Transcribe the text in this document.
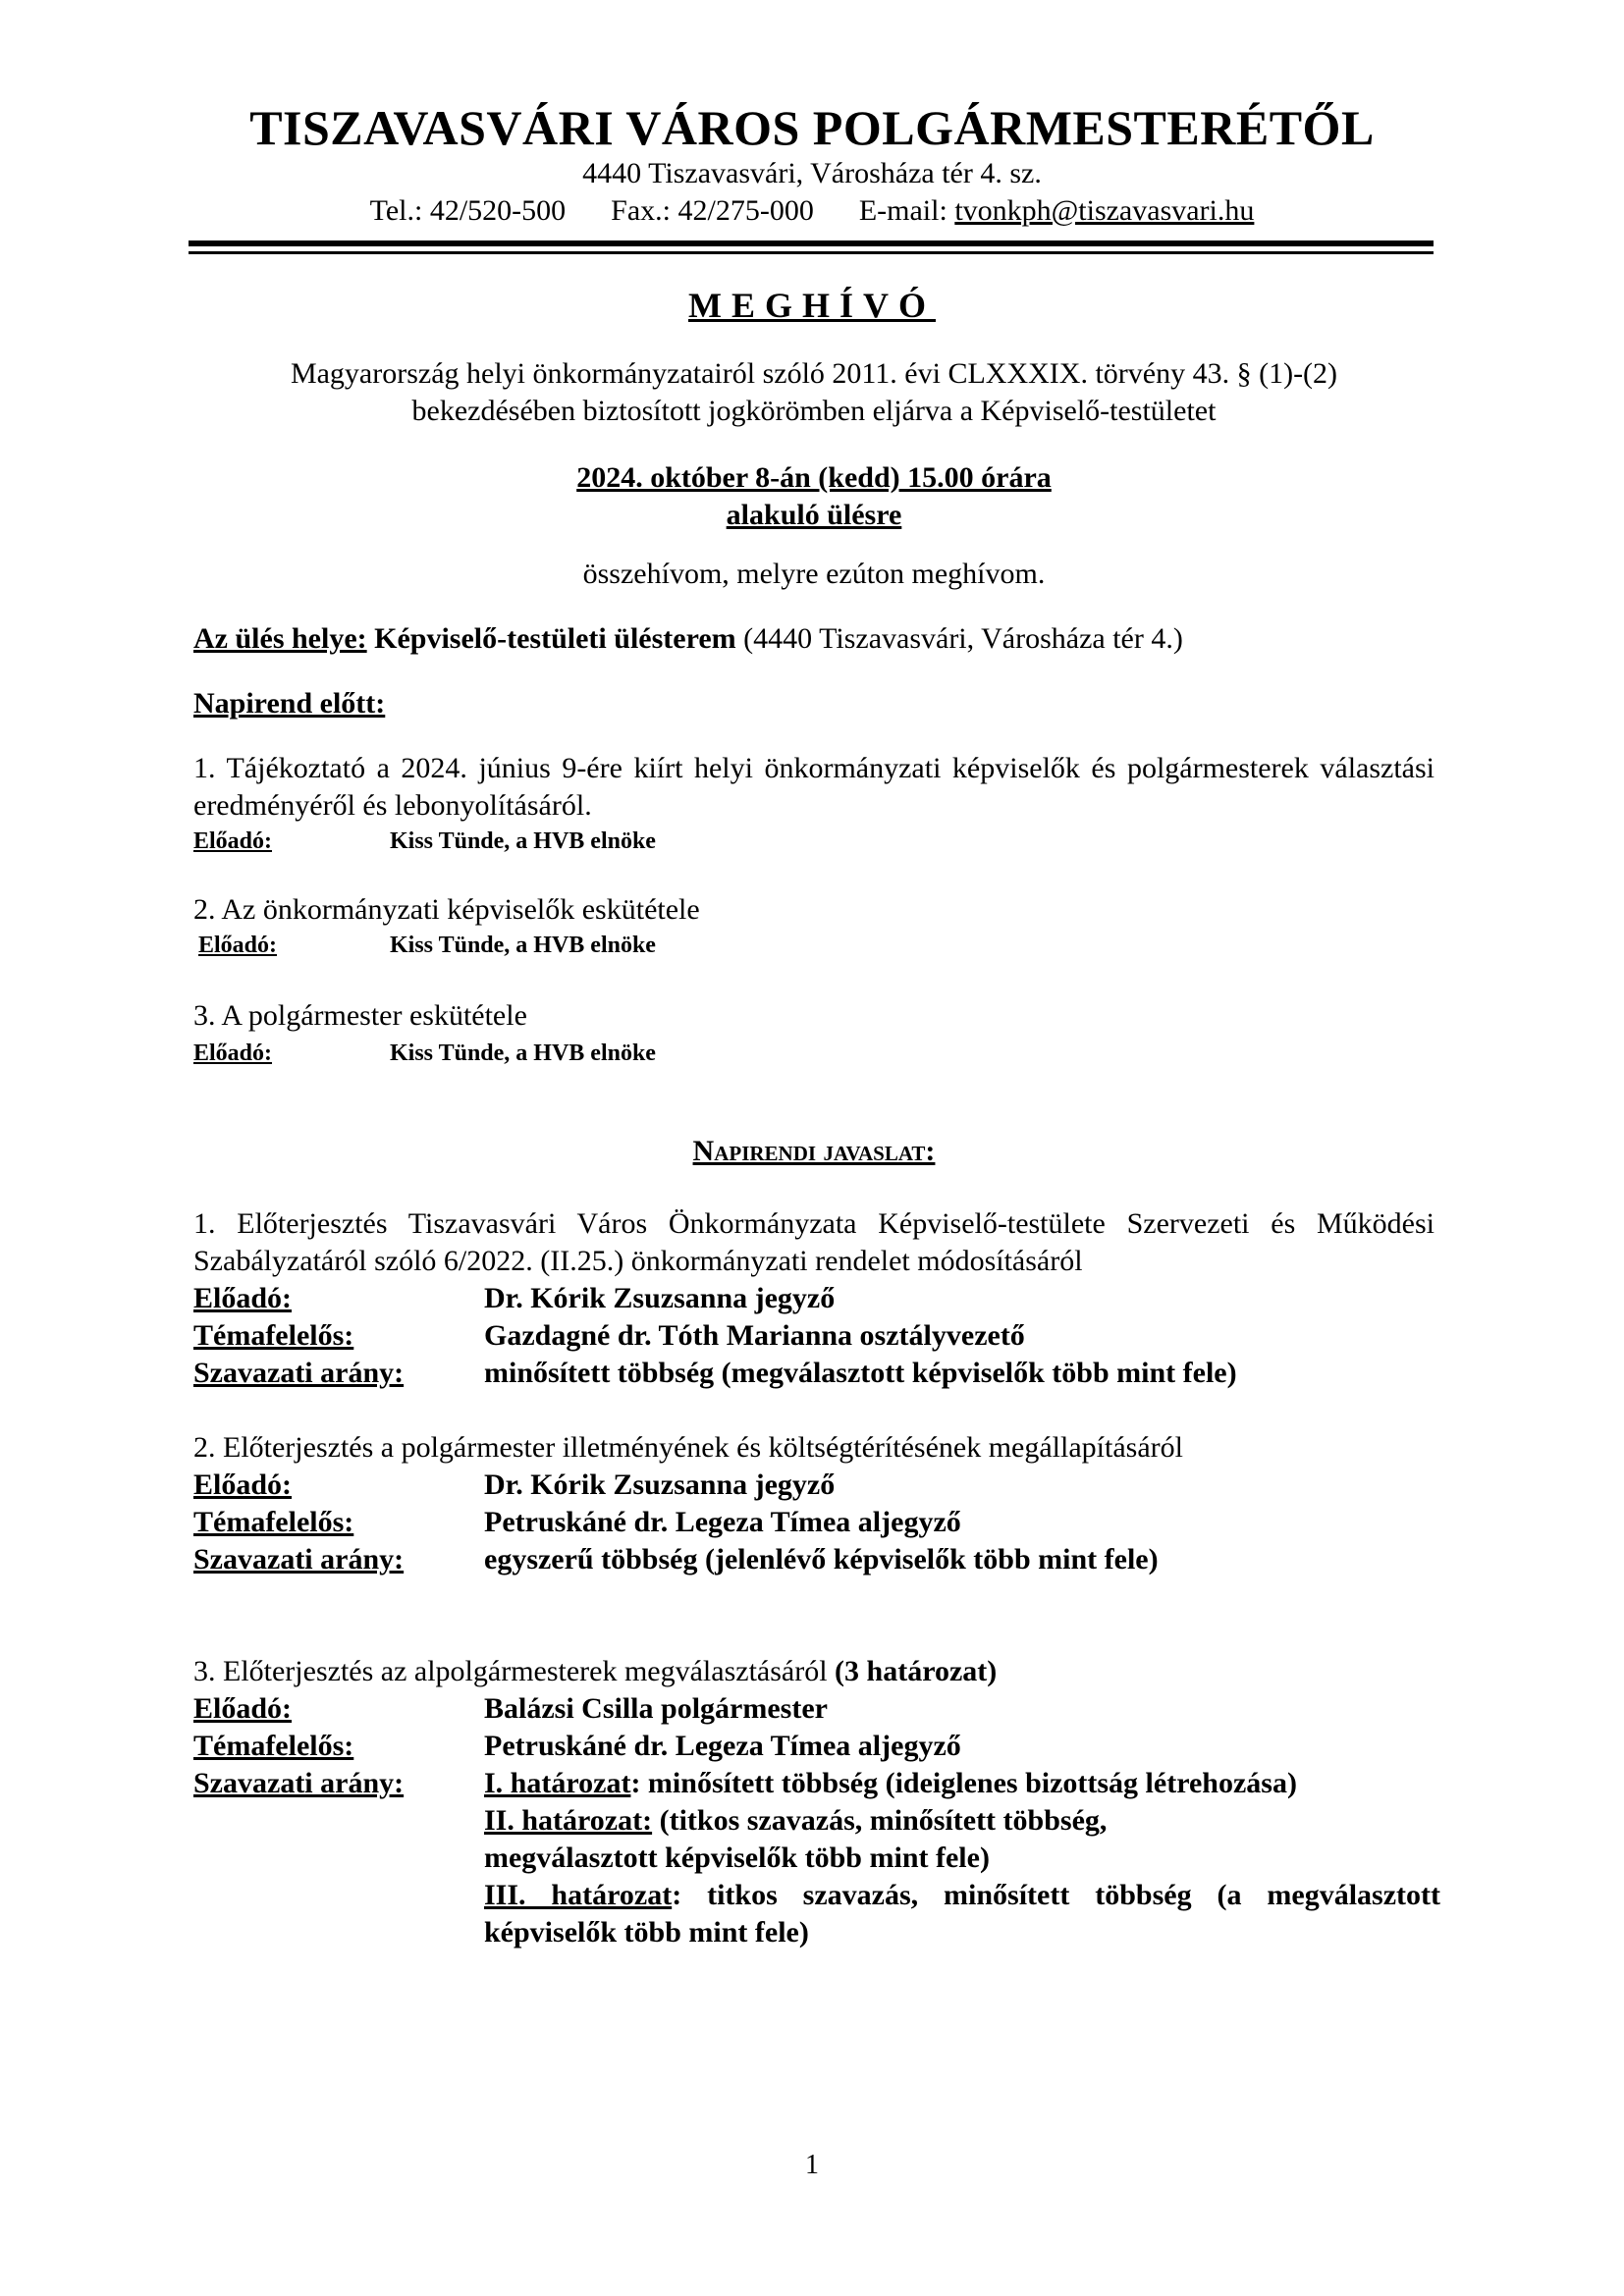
TISZAVASVÁRI VÁROS POLGÁRMESTERÉTŐL

4440 Tiszavasvári, Városháza tér 4. sz.

Tel.: 42/520-500 Fax.: 42/275-000 E-mail: tvonkph@tiszavasvari.hu

MEGHÍVÓ

Magyarország helyi önkormányzatairól szóló 2011. évi CLXXXIX. törvény 43. § (1)-(2)

bekezdésében biztosított jogkörömben eljárva a Képviselő-testületet

2024. október 8-án (kedd) 15.00 órára

alakuló ülésre

összehívom, melyre ezúton meghívom.

Az ülés helye: Képviselő-testületi ülésterem (4440 Tiszavasvári, Városháza tér 4.)

Napirend előtt:

1. Tájékoztató a 2024. június 9-ére kiírt helyi önkormányzati képviselők és polgármesterek választási eredményéről és lebonyolításáról.

Előadó:	Kiss Tünde, a HVB elnöke

2. Az önkormányzati képviselők eskütétele

Előadó:	Kiss Tünde, a HVB elnöke

3. A polgármester eskütétele

Előadó:	Kiss Tünde, a HVB elnöke

Napirendi javaslat:

1. Előterjesztés Tiszavasvári Város Önkormányzata Képviselő-testülete Szervezeti és Működési Szabályzatáról szóló 6/2022. (II.25.) önkormányzati rendelet módosításáról

Előadó:	Dr. Kórik Zsuzsanna jegyző
Témafelelős:	Gazdagné dr. Tóth Marianna osztályvezető
Szavazati arány:	minősített többség (megválasztott képviselők több mint fele)

2. Előterjesztés a polgármester illetményének és költségtérítésének megállapításáról

Előadó:	Dr. Kórik Zsuzsanna jegyző
Témafelelős:	Petruskáné dr. Legeza Tímea aljegyző
Szavazati arány:	egyszerű többség (jelenlévő képviselők több mint fele)

3. Előterjesztés az alpolgármesterek megválasztásáról (3 határozat)

Előadó:	Balázsi Csilla polgármester
Témafelelős:	Petruskáné dr. Legeza Tímea aljegyző
Szavazati arány:	I. határozat: minősített többség (ideiglenes bizottság létrehozása)

II. határozat: (titkos szavazás, minősített többség, megválasztott képviselők több mint fele)

III. határozat: titkos szavazás, minősített többség (a megválasztott képviselők több mint fele)

1
